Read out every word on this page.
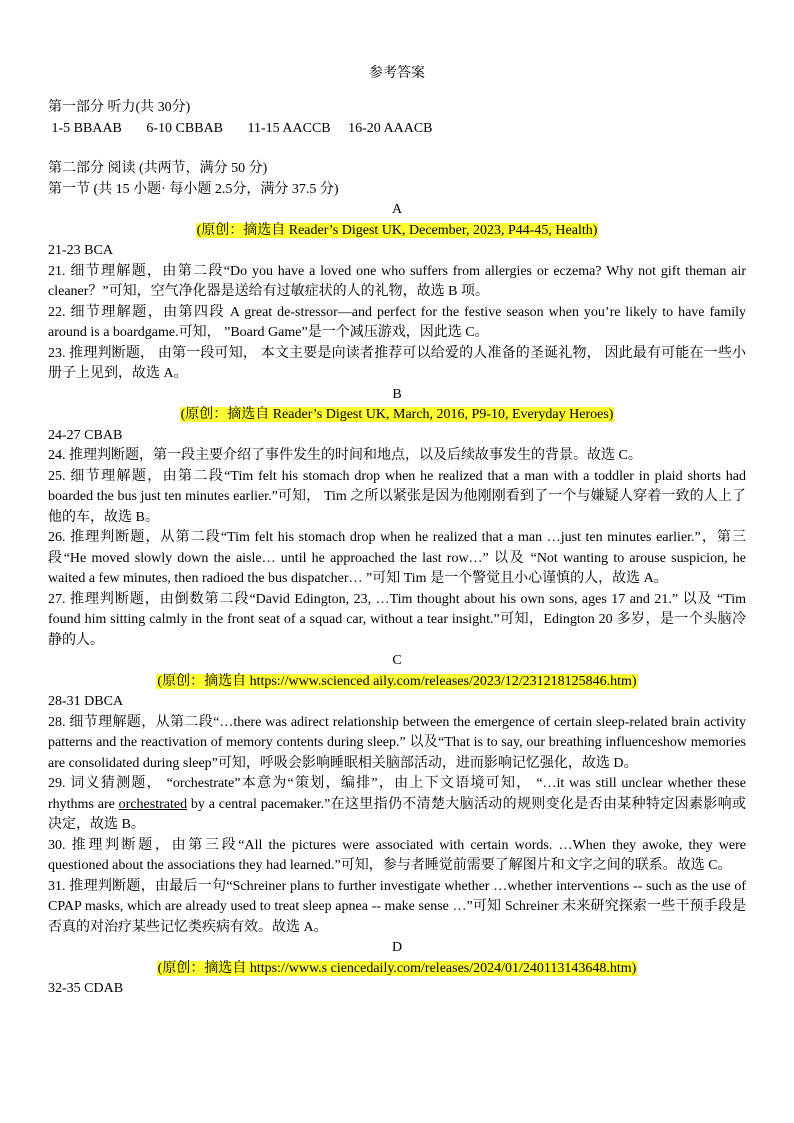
参考答案
第一部分 听力(共 30分)
1-5 BBAAB       6-10 CBBAB       11-15 AACCB     16-20 AAACB
第二部分 阅读 (共两节，满分 50 分)
第一节 (共 15 小题· 每小题 2.5分，满分 37.5 分)
A
(原创：摘选自 Reader’s Digest UK, December, 2023, P44-45, Health)
21-23 BCA

21. 细节理解题，由第二段“Do you have a loved one who suffers from allergies or eczema? Why not gift theman air cleaner？”可知，空气净化器是送给有过敏症状的人的礼物，故选 B 项。

22. 细节理解题，由第四段 A great de-stressor—and perfect for the festive season when you’re likely to have family around is a boardgame.可知， ”Board Game”是一个减压游戏，因此选 C。

23. 推理判断题， 由第一段可知， 本文主要是向读者推荐可以给爱的人准备的圣诞礼物， 因此最有可能在一些小册子上见到，故选 A。

B
(原创：摘选自 Reader’s Digest UK, March, 2016, P9-10, Everyday Heroes)
24-27 CBAB

24. 推理判断题，第一段主要介绍了事件发生的时间和地点，以及后续故事发生的背景。故选 C。

25. 细节理解题，由第二段“Tim felt his stomach drop when he realized that a man with a toddler in plaid shorts had boarded the bus just ten minutes earlier.”可知， Tim 之所以紧张是因为他刚刚看到了一个与嫌疑人穿着一致的人上了他的车，故选 B。

26. 推理判断题，从第二段“Tim felt his stomach drop when he realized that a man …just ten minutes earlier.”，第三段“He moved slowly down the aisle… until he approached the last row…” 以及 “Not wanting to arouse suspicion, he waited a few minutes, then radioed the bus dispatcher… ”可知 Tim 是一个警觉且小心谨慎的人，故选 A。

27. 推理判断题，由倒数第二段“David Edington, 23, …Tim thought about his own sons, ages 17 and 21.” 以及 “Tim found him sitting calmly in the front seat of a squad car, without a tear insight.”可知，Edington 20 多岁，是一个头脑冷静的人。

C
(原创：摘选自 https://www.scienced aily.com/releases/2023/12/231218125846.htm)
28-31 DBCA

28. 细节理解题，从第二段“…there was adirect relationship between the emergence of certain sleep-related brain activity patterns and the reactivation of memory contents during sleep.” 以及“That is to say, our breathing influenceshow memories are consolidated during sleep”可知，呼吸会影响睡眠相关脑部活动，进而影响记忆强化，故选 D。

29. 词义猜测题， “orchestrate”本意为“策划，编排”，由上下文语境可知， “…it was still unclear whether these rhythms are orchestrated by a central pacemaker.”在这里指仍不清楚大脑活动的规则变化是否由某种特定因素影响或决定，故选 B。

30. 推理判断题，由第三段“All the pictures were associated with certain words. …When they awoke, they were questioned about the associations they had learned.”可知，参与者睡觉前需要了解图片和文字之间的联系。故选 C。

31. 推理判断题，由最后一句“Schreiner plans to further investigate whether …whether interventions -- such as the use of CPAP masks, which are already used to treat sleep apnea -- make sense …”可知 Schreiner 未来研究探索一些干预手段是否真的对治疗某些记忆类疾病有效。故选 A。

D
(原创：摘选自 https://www.s ciencedaily.com/releases/2024/01/240113143648.htm)
32-35 CDAB
